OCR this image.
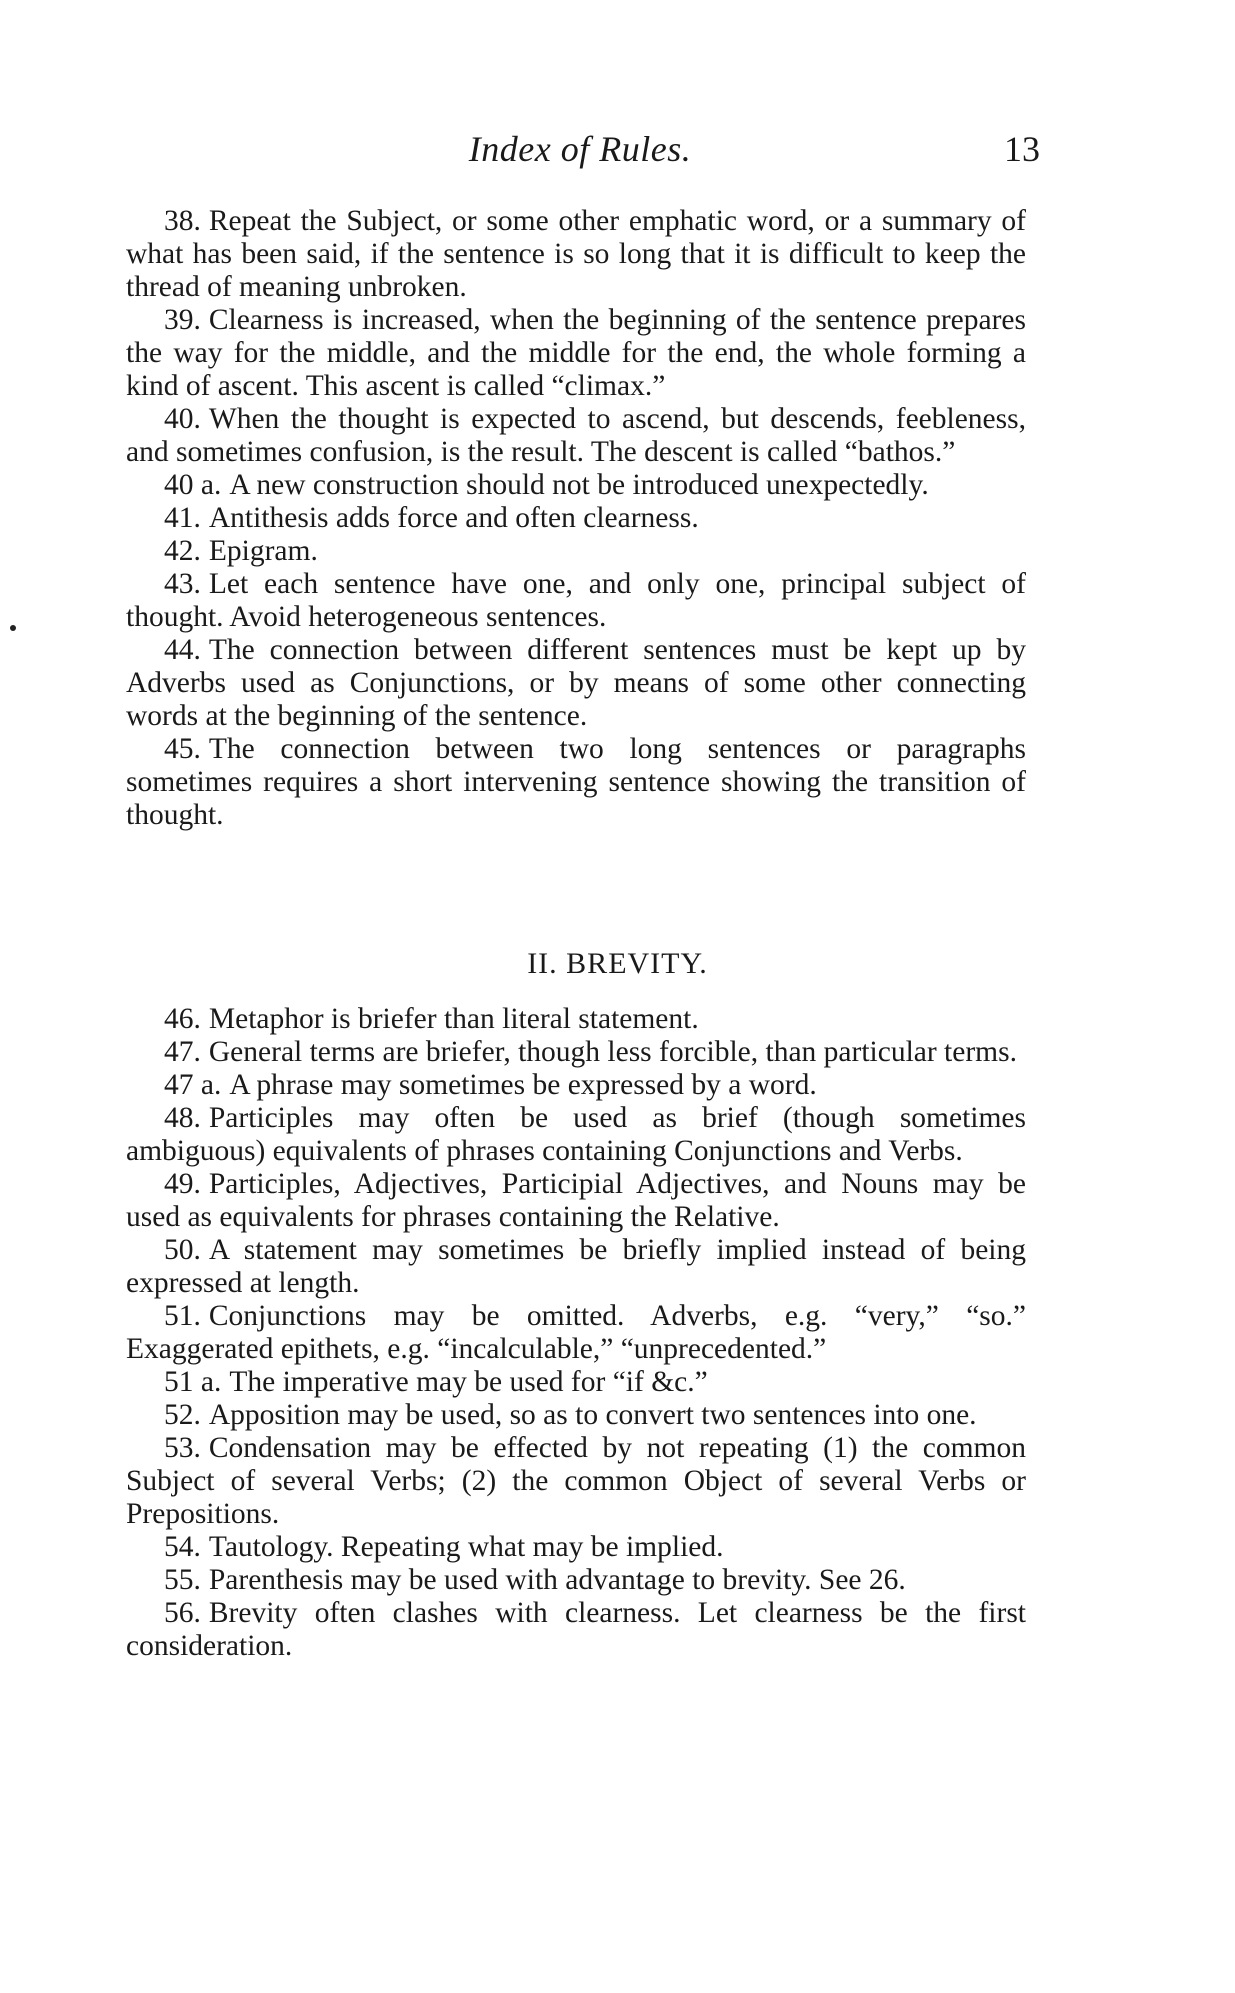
Index of Rules.	13

38. Repeat the Subject, or some other emphatic word, or a summary of what has been said, if the sentence is so long that it is difficult to keep the thread of meaning unbroken.

39. Clearness is increased, when the beginning of the sentence prepares the way for the middle, and the middle for the end, the whole forming a kind of ascent. This ascent is called “climax.”

40. When the thought is expected to ascend, but descends, feebleness, and sometimes confusion, is the result. The descent is called “bathos.”

40 a. A new construction should not be introduced unexpectedly.

41. Antithesis adds force and often clearness.

42. Epigram.

43. Let each sentence have one, and only one, principal subject of thought. Avoid heterogeneous sentences.

44. The connection between different sentences must be kept up by Adverbs used as Conjunctions, or by means of some other connecting words at the beginning of the sentence.

45. The connection between two long sentences or paragraphs sometimes requires a short intervening sentence showing the transition of thought.

II. BREVITY.

46. Metaphor is briefer than literal statement.

47. General terms are briefer, though less forcible, than particular terms.

47 a. A phrase may sometimes be expressed by a word.

48. Participles may often be used as brief (though sometimes ambiguous) equivalents of phrases containing Conjunctions and Verbs.

49. Participles, Adjectives, Participial Adjectives, and Nouns may be used as equivalents for phrases containing the Relative.

50. A statement may sometimes be briefly implied instead of being expressed at length.

51. Conjunctions may be omitted. Adverbs, e.g. “very,” “so.” Exaggerated epithets, e.g. “incalculable,” “unprecedented.”

51 a. The imperative may be used for “if &c.”

52. Apposition may be used, so as to convert two sentences into one.

53. Condensation may be effected by not repeating (1) the common Subject of several Verbs; (2) the common Object of several Verbs or Prepositions.

54. Tautology. Repeating what may be implied.

55. Parenthesis may be used with advantage to brevity. See 26.

56. Brevity often clashes with clearness. Let clearness be the first consideration.
